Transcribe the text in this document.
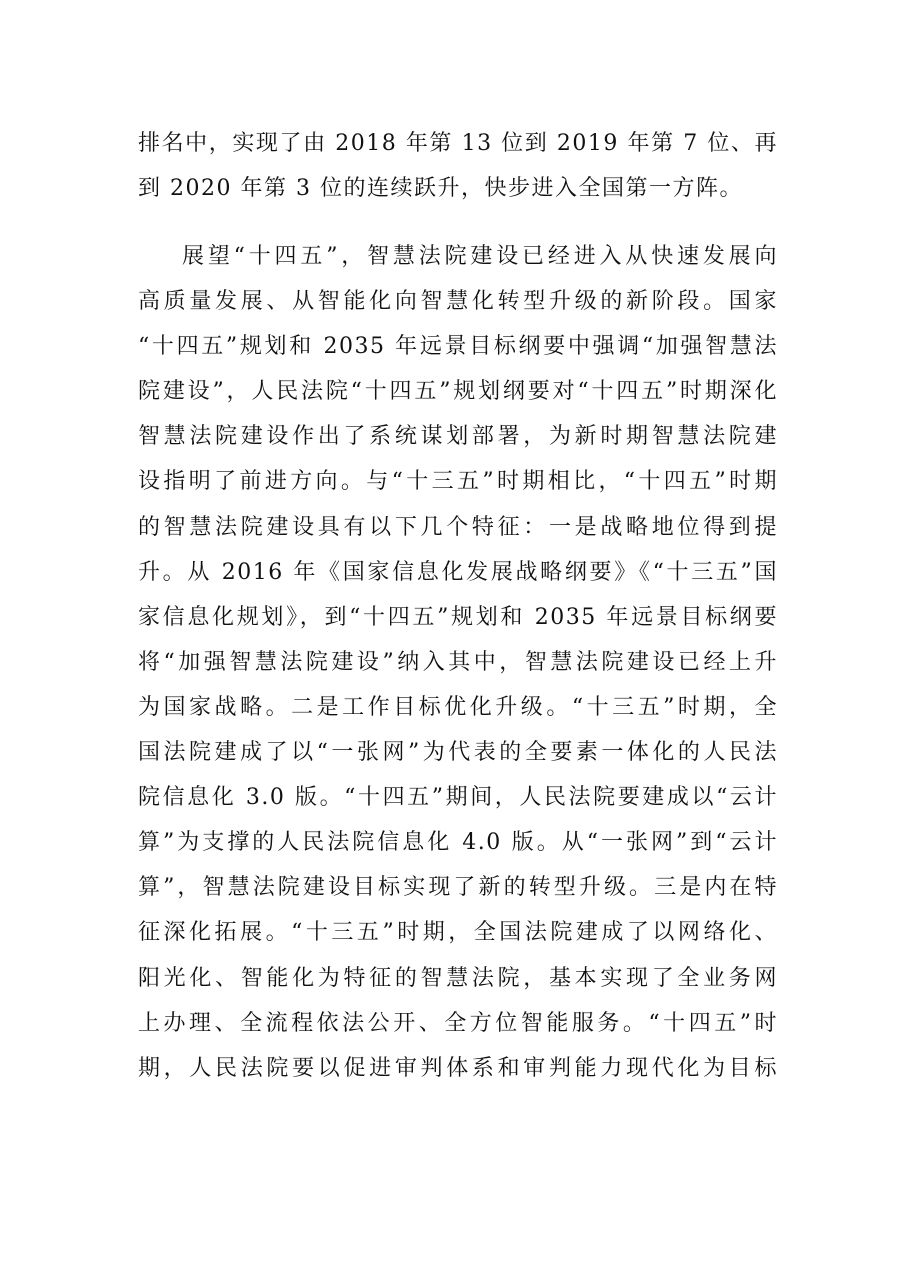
排名中，实现了由 2018 年第 13 位到 2019 年第 7 位、再
到 2020 年第 3 位的连续跃升，快步进入全国第一方阵。
展望“十四五”，智慧法院建设已经进入从快速发展向
高质量发展、从智能化向智慧化转型升级的新阶段。国家
“十四五”规划和 2035 年远景目标纲要中强调“加强智慧法
院建设”，人民法院“十四五”规划纲要对“十四五”时期深化
智慧法院建设作出了系统谋划部署，为新时期智慧法院建
设指明了前进方向。与“十三五”时期相比，“十四五”时期
的智慧法院建设具有以下几个特征：一是战略地位得到提
升。从 2016 年《国家信息化发展战略纲要》《“十三五”国
家信息化规划》，到“十四五”规划和 2035 年远景目标纲要
将“加强智慧法院建设”纳入其中，智慧法院建设已经上升
为国家战略。二是工作目标优化升级。“十三五”时期，全
国法院建成了以“一张网”为代表的全要素一体化的人民法
院信息化 3.0 版。“十四五”期间，人民法院要建成以“云计
算”为支撑的人民法院信息化 4.0 版。从“一张网”到“云计
算”，智慧法院建设目标实现了新的转型升级。三是内在特
征深化拓展。“十三五”时期，全国法院建成了以网络化、
阳光化、智能化为特征的智慧法院，基本实现了全业务网
上办理、全流程依法公开、全方位智能服务。“十四五”时
期，人民法院要以促进审判体系和审判能力现代化为目标
